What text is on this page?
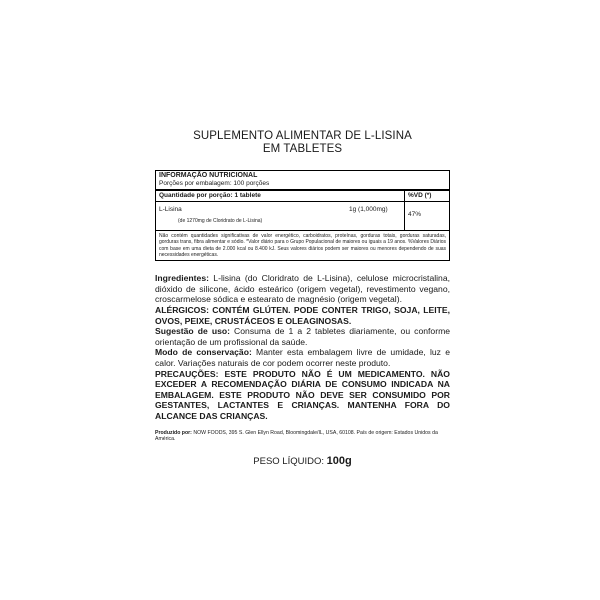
SUPLEMENTO ALIMENTAR DE L-LISINA
EM TABLETES
INFORMAÇÃO NUTRICIONAL
Porções por embalagem: 100 porções
Quantidade por porção: 1 tablete	%VD (*)
L-Lisina	1g (1,000mg)
(de 1270mg de Cloridrato de L-Lisina)
47%
Não contém quantidades significativas de valor energético, carboidratos, proteínas, gorduras totais, gorduras saturadas, gorduras trans, fibra alimentar e sódio. *Valor diário para o Grupo Populacional de maiores ou iguais a 19 anos. %Valores Diários com base em uma dieta de 2.000 kcal ou 8.400 kJ. Seus valores diários podem ser maiores ou menores dependendo de suas necessidades energéticas.

Ingredientes: L-lisina (do Cloridrato de L-Lisina), celulose microcristalina, dióxido de silicone, ácido esteárico (origem vegetal), revestimento vegano, croscarmelose sódica e estearato de magnésio (origem vegetal).

ALÉRGICOS: CONTÉM GLÚTEN. PODE CONTER TRIGO, SOJA, LEITE, OVOS, PEIXE, CRUSTÁCEOS E OLEAGINOSAS.

Sugestão de uso: Consuma de 1 a 2 tabletes diariamente, ou conforme orientação de um profissional da saúde.

Modo de conservação: Manter esta embalagem livre de umidade, luz e calor. Variações naturais de cor podem ocorrer neste produto.

PRECAUÇÕES: ESTE PRODUTO NÃO É UM MEDICAMENTO. NÃO EXCEDER A RECOMENDAÇÃO DIÁRIA DE CONSUMO INDICADA NA EMBALAGEM. ESTE PRODUTO NÃO DEVE SER CONSUMIDO POR GESTANTES, LACTANTES E CRIANÇAS. MANTENHA FORA DO ALCANCE DAS CRIANÇAS.

Produzido por: NOW FOODS, 395 S. Glen Ellyn Road, Bloomingdale/IL, USA, 60108. País de origem: Estados Unidos da América.
PESO LÍQUIDO: 100g
